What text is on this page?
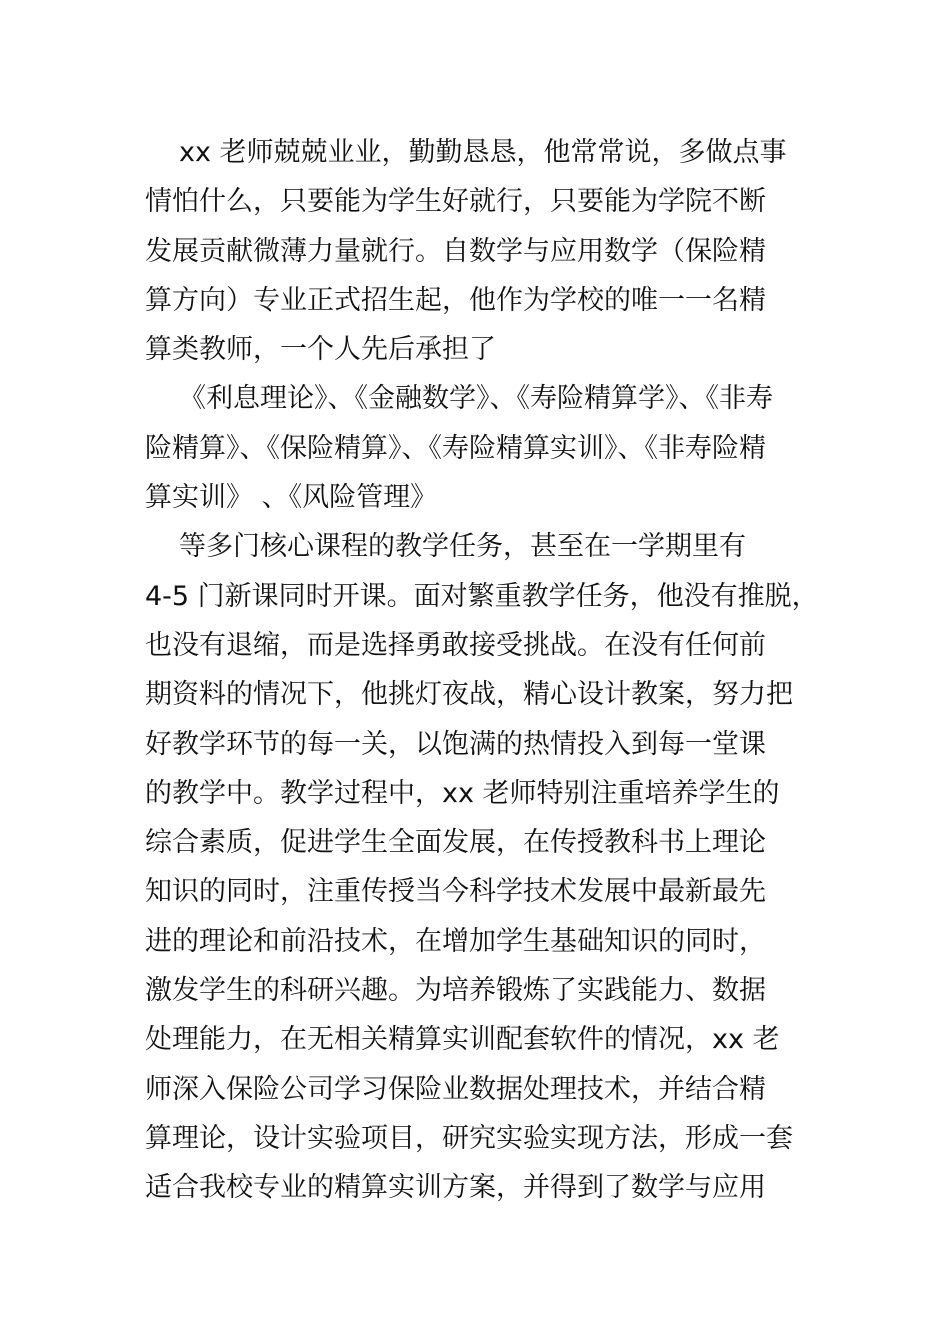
xx 老师兢兢业业，勤勤恳恳，他常常说，多做点事
情怕什么，只要能为学生好就行，只要能为学院不断
发展贡献微薄力量就行。自数学与应用数学（保险精
算方向）专业正式招生起，他作为学校的唯一一名精
算类教师，一个人先后承担了
《利息理论》、《金融数学》、《寿险精算学》、《非寿
险精算》、《保险精算》、《寿险精算实训》、《非寿险精
算实训》 、《风险管理》
等多门核心课程的教学任务，甚至在一学期里有
4-5 门新课同时开课。面对繁重教学任务，他没有推脱，
也没有退缩，而是选择勇敢接受挑战。在没有任何前
期资料的情况下，他挑灯夜战，精心设计教案，努力把
好教学环节的每一关，以饱满的热情投入到每一堂课
的教学中。教学过程中，xx 老师特别注重培养学生的
综合素质，促进学生全面发展，在传授教科书上理论
知识的同时，注重传授当今科学技术发展中最新最先
进的理论和前沿技术，在增加学生基础知识的同时，
激发学生的科研兴趣。为培养锻炼了实践能力、数据
处理能力，在无相关精算实训配套软件的情况，xx 老
师深入保险公司学习保险业数据处理技术，并结合精
算理论，设计实验项目，研究实验实现方法，形成一套
适合我校专业的精算实训方案，并得到了数学与应用
